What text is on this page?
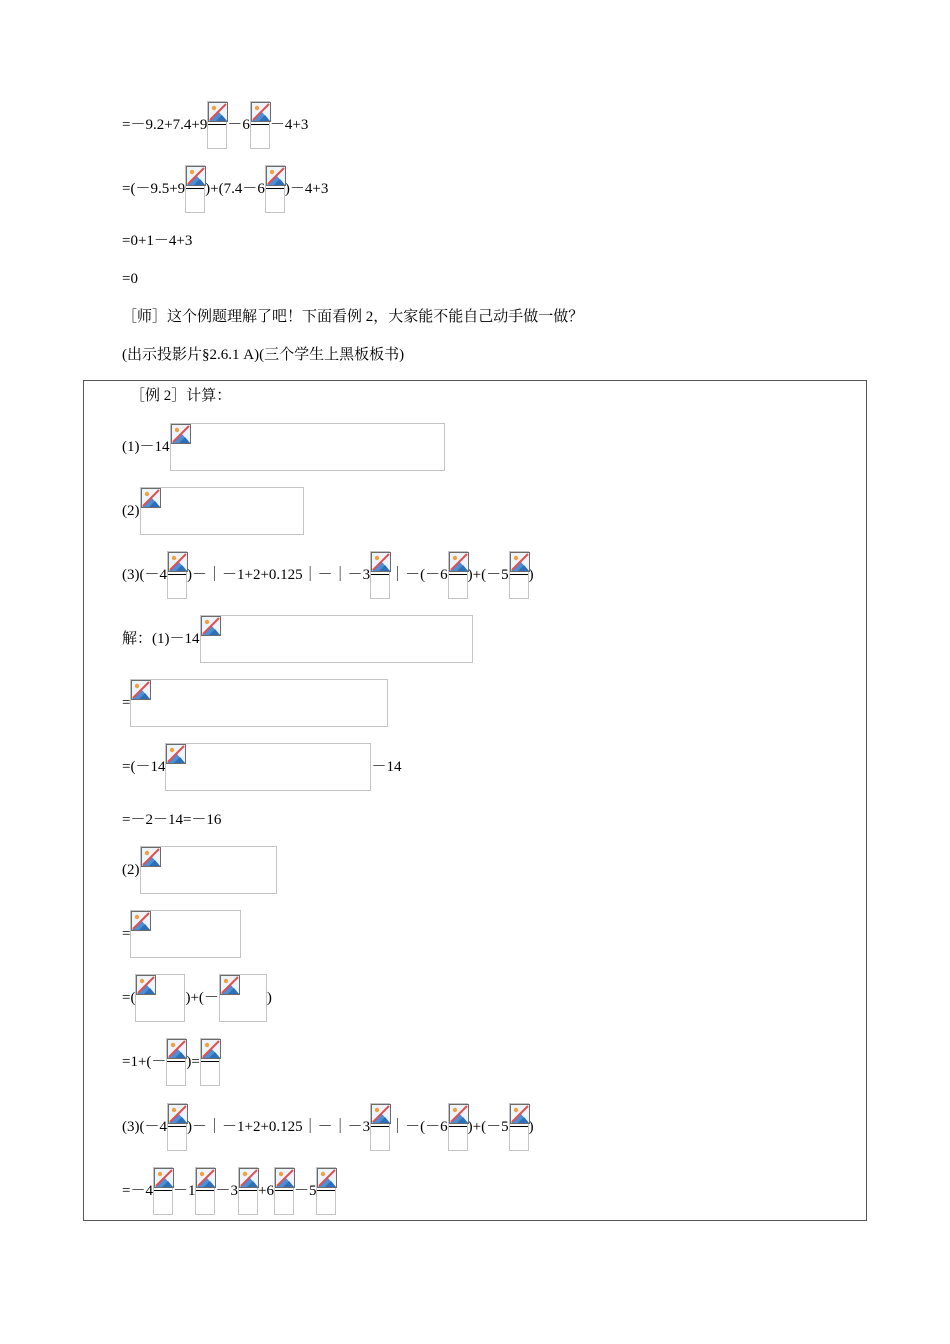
=－9.2+7.4+9 －6 －4+3
=(－9.5+9 )+(7.4－6 )－4+3
=0+1－4+3
=0
［师］这个例题理解了吧！下面看例 2，大家能不能自己动手做一做？
(出示投影片§2.6.1 A)(三个学生上黑板板书)
［例 2］计算：
(1)－14
(2)
(3)(－4 )－｜－1+2+0.125｜－｜－3 ｜－(－6 )+(－5 )
解：(1)－14
=
=(－14	－14
=－2－14=－16
(2)
=
=(	)+(－	)
=1+(－ )=
(3)(－4 )－｜－1+2+0.125｜－｜－3 ｜－(－6 )+(－5 )
=－4 －1 －3 +6 －5
